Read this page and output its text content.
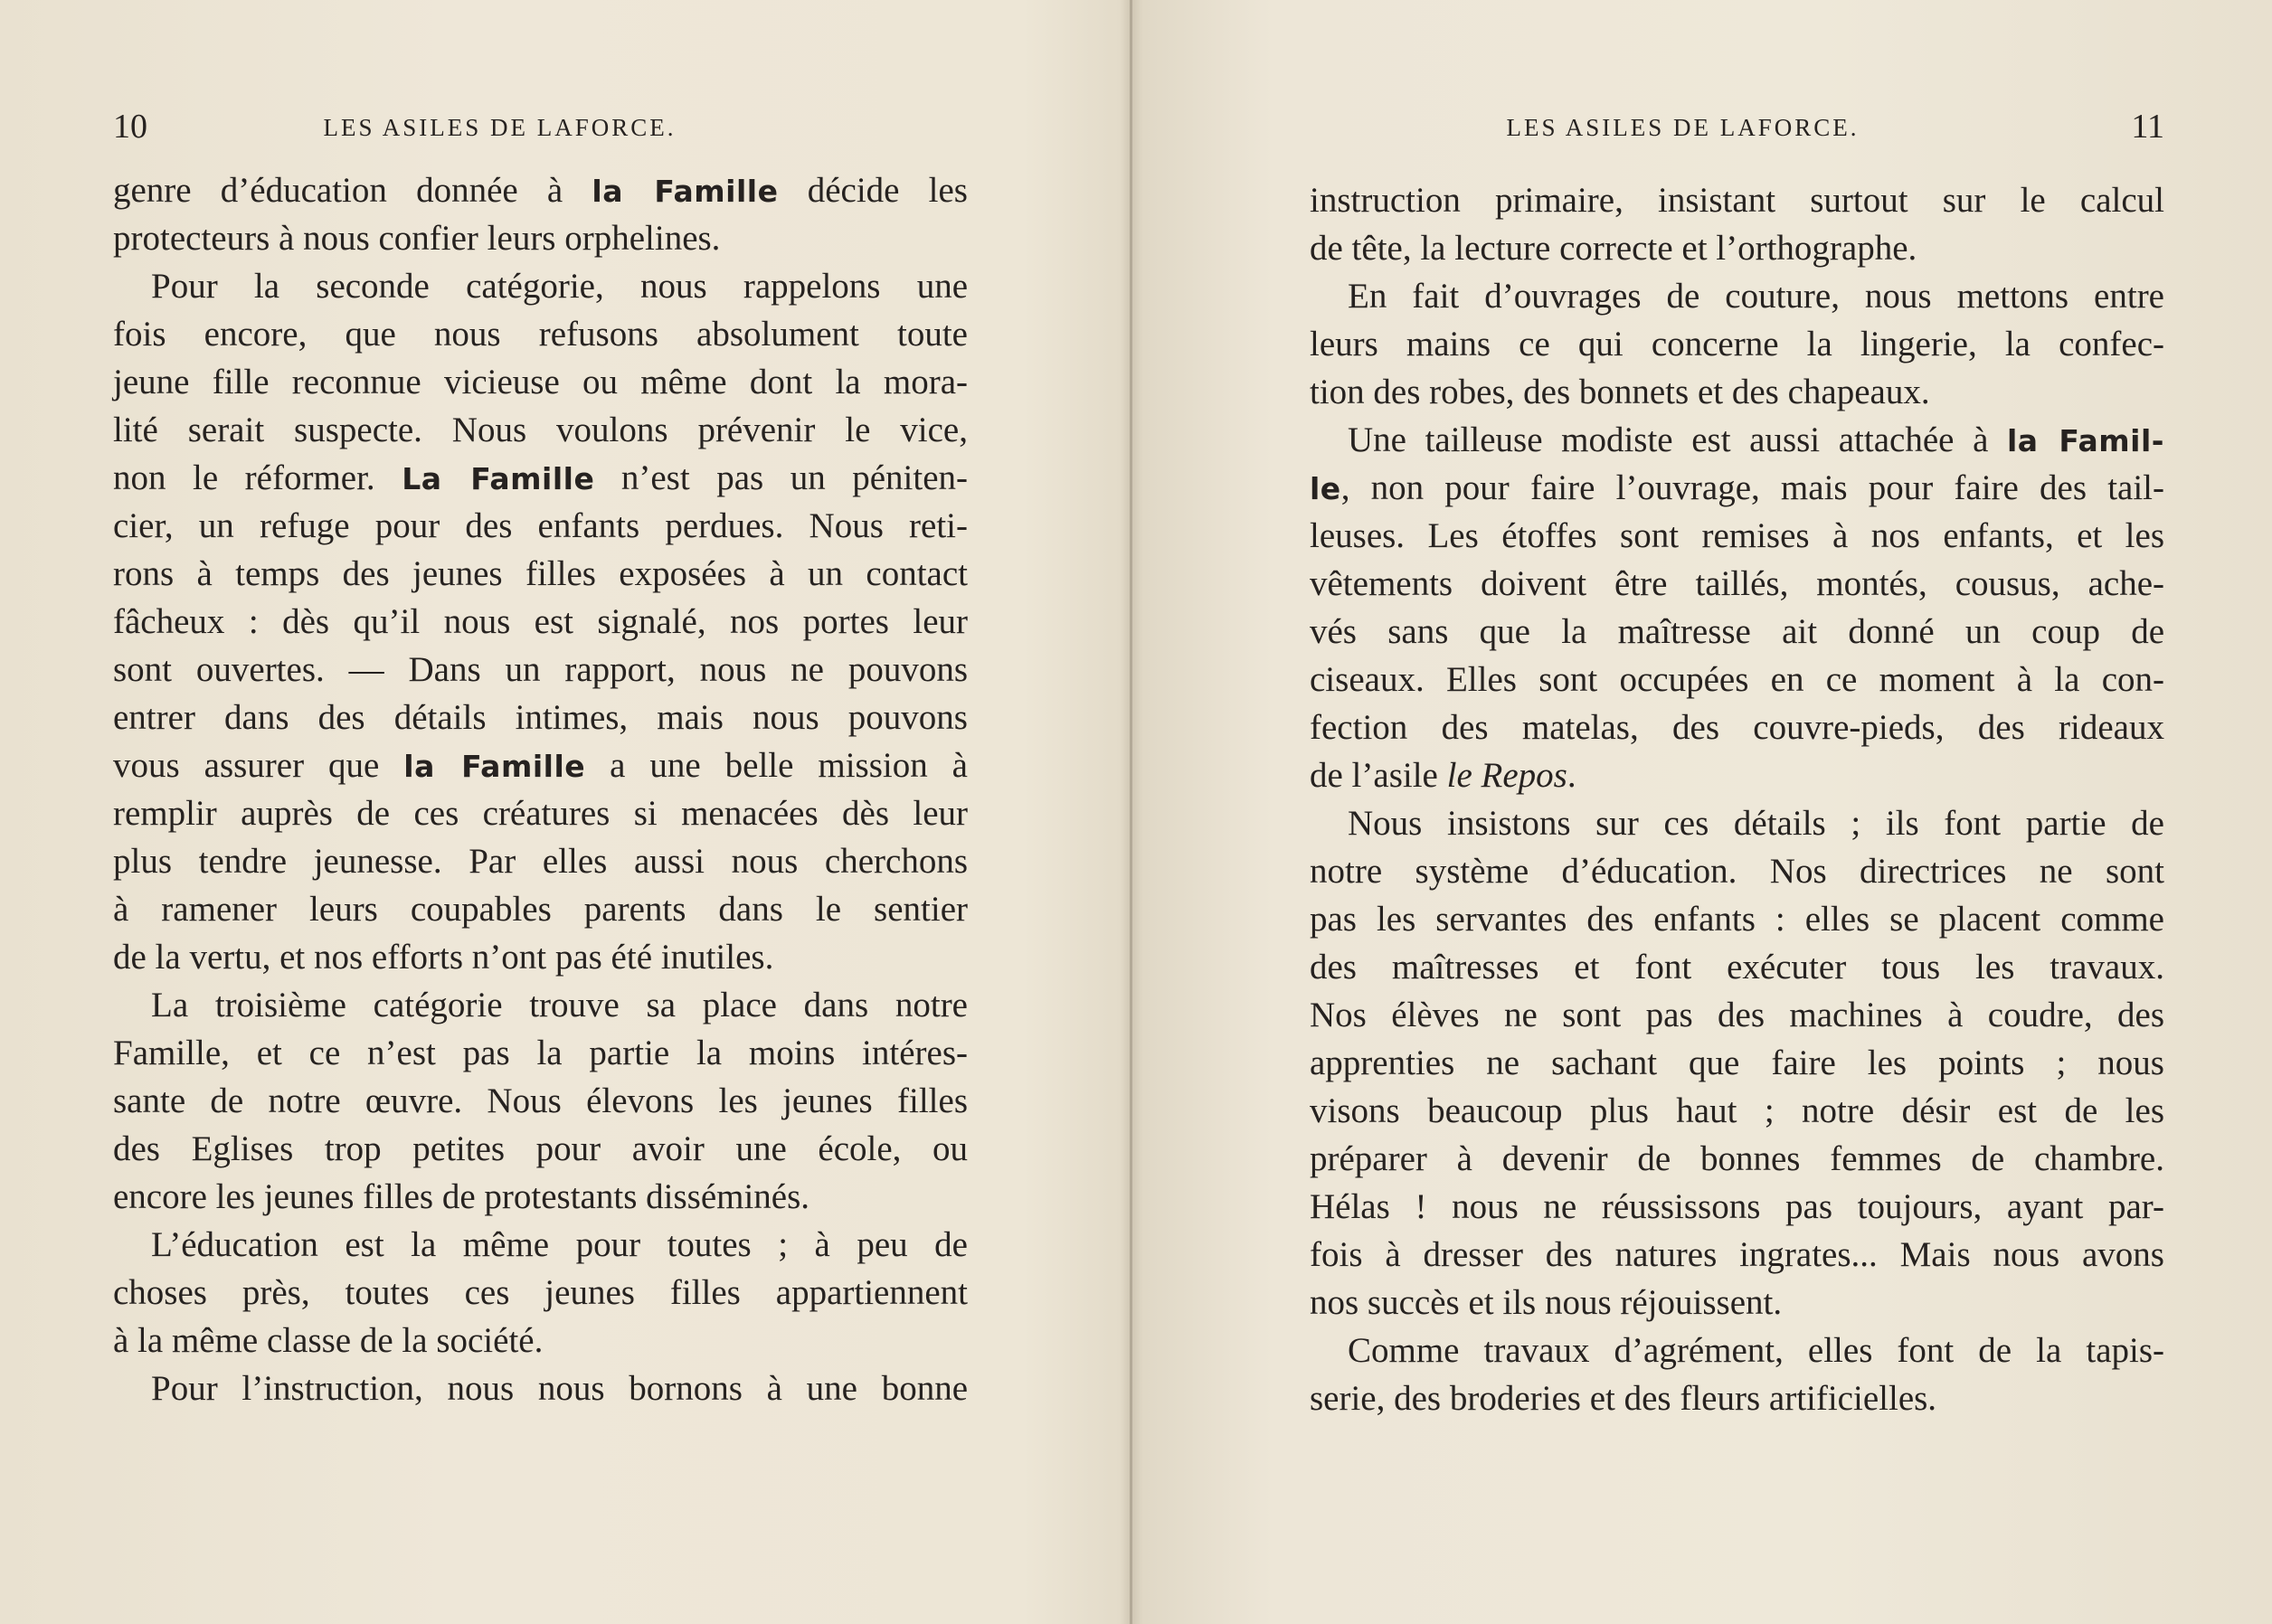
10	LES ASILES DE LAFORCE.
genre d’éducation donnée à la Famille décide les
protecteurs à nous confier leurs orphelines.
Pour la seconde catégorie, nous rappelons une
fois encore, que nous refusons absolument toute
jeune fille reconnue vicieuse ou même dont la mora-
lité serait suspecte. Nous voulons prévenir le vice,
non le réformer. La Famille n’est pas un péniten-
cier, un refuge pour des enfants perdues. Nous reti-
rons à temps des jeunes filles exposées à un contact
fâcheux : dès qu’il nous est signalé, nos portes leur
sont ouvertes. — Dans un rapport, nous ne pouvons
entrer dans des détails intimes, mais nous pouvons
vous assurer que la Famille a une belle mission à
remplir auprès de ces créatures si menacées dès leur
plus tendre jeunesse. Par elles aussi nous cherchons
à ramener leurs coupables parents dans le sentier
de la vertu, et nos efforts n’ont pas été inutiles.
La troisième catégorie trouve sa place dans notre
Famille, et ce n’est pas la partie la moins intéres-
sante de notre œuvre. Nous élevons les jeunes filles
des Eglises trop petites pour avoir une école, ou
encore les jeunes filles de protestants disséminés.
L’éducation est la même pour toutes ; à peu de
choses près, toutes ces jeunes filles appartiennent
à la même classe de la société.
Pour l’instruction, nous nous bornons à une bonne
LES ASILES DE LAFORCE.	11
instruction primaire, insistant surtout sur le calcul
de tête, la lecture correcte et l’orthographe.
En fait d’ouvrages de couture, nous mettons entre
leurs mains ce qui concerne la lingerie, la confec-
tion des robes, des bonnets et des chapeaux.
Une tailleuse modiste est aussi attachée à la Famil-
le, non pour faire l’ouvrage, mais pour faire des tail-
leuses. Les étoffes sont remises à nos enfants, et les
vêtements doivent être taillés, montés, cousus, ache-
vés sans que la maîtresse ait donné un coup de
ciseaux. Elles sont occupées en ce moment à la con-
fection des matelas, des couvre-pieds, des rideaux
de l’asile le Repos.
Nous insistons sur ces détails ; ils font partie de
notre système d’éducation. Nos directrices ne sont
pas les servantes des enfants : elles se placent comme
des maîtresses et font exécuter tous les travaux.
Nos élèves ne sont pas des machines à coudre, des
apprenties ne sachant que faire les points ; nous
visons beaucoup plus haut ; notre désir est de les
préparer à devenir de bonnes femmes de chambre.
Hélas ! nous ne réussissons pas toujours, ayant par-
fois à dresser des natures ingrates... Mais nous avons
nos succès et ils nous réjouissent.
Comme travaux d’agrément, elles font de la tapis-
serie, des broderies et des fleurs artificielles.
